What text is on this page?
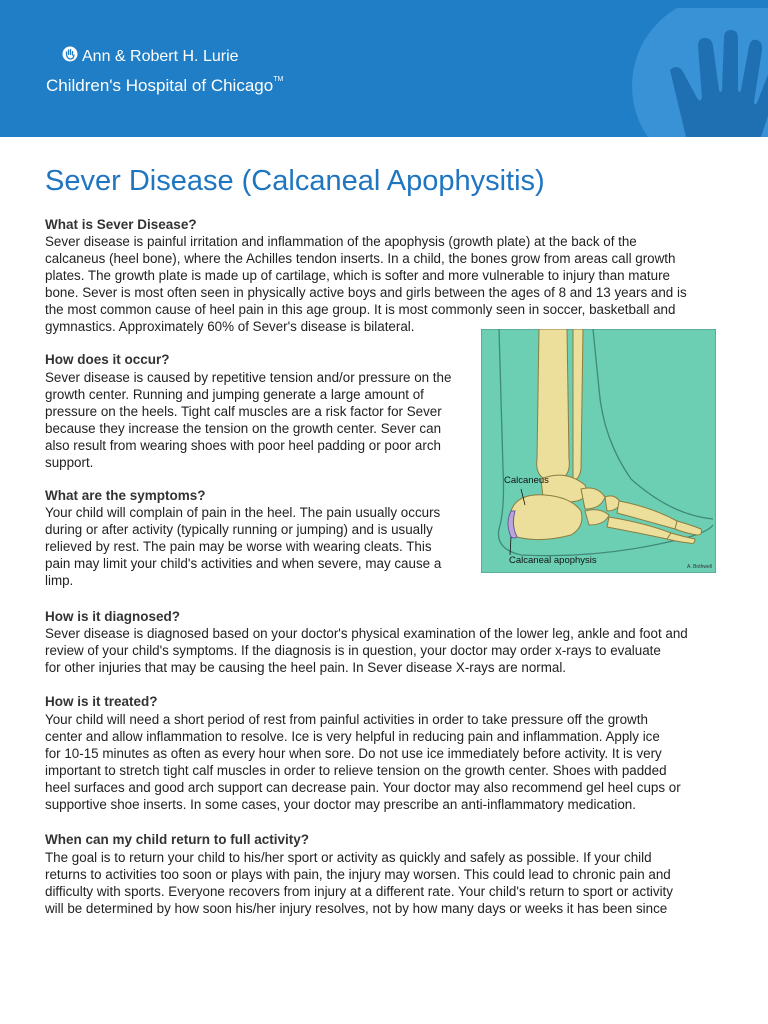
Ann & Robert H. Lurie
Children's Hospital of Chicago™
Sever Disease (Calcaneal Apophysitis)
What is Sever Disease?
Sever disease is painful irritation and inflammation of the apophysis (growth plate) at the back of the
calcaneus (heel bone), where the Achilles tendon inserts. In a child, the bones grow from areas call growth
plates. The growth plate is made up of cartilage, which is softer and more vulnerable to injury than mature
bone. Sever is most often seen in physically active boys and girls between the ages of 8 and 13 years and is
the most common cause of heel pain in this age group. It is most commonly seen in soccer, basketball and
gymnastics. Approximately 60% of Sever's disease is bilateral.
How does it occur?
Sever disease is caused by repetitive tension and/or pressure on the
growth center. Running and jumping generate a large amount of
pressure on the heels. Tight calf muscles are a risk factor for Sever
because they increase the tension on the growth center. Sever can
also result from wearing shoes with poor heel padding or poor arch
support.
What are the symptoms?
Your child will complain of pain in the heel. The pain usually occurs
during or after activity (typically running or jumping) and is usually
relieved by rest. The pain may be worse with wearing cleats. This
pain may limit your child's activities and when severe, may cause a
limp.
Calcaneus
Calcaneal apophysis
A. Bothwell
How is it diagnosed?
Sever disease is diagnosed based on your doctor's physical examination of the lower leg, ankle and foot and
review of your child's symptoms. If the diagnosis is in question, your doctor may order x-rays to evaluate
for other injuries that may be causing the heel pain. In Sever disease X-rays are normal.
How is it treated?
Your child will need a short period of rest from painful activities in order to take pressure off the growth
center and allow inflammation to resolve. Ice is very helpful in reducing pain and inflammation. Apply ice
for 10-15 minutes as often as every hour when sore. Do not use ice immediately before activity. It is very
important to stretch tight calf muscles in order to relieve tension on the growth center. Shoes with padded
heel surfaces and good arch support can decrease pain. Your doctor may also recommend gel heel cups or
supportive shoe inserts. In some cases, your doctor may prescribe an anti-inflammatory medication.
When can my child return to full activity?
The goal is to return your child to his/her sport or activity as quickly and safely as possible. If your child
returns to activities too soon or plays with pain, the injury may worsen. This could lead to chronic pain and
difficulty with sports. Everyone recovers from injury at a different rate. Your child's return to sport or activity
will be determined by how soon his/her injury resolves, not by how many days or weeks it has been since
